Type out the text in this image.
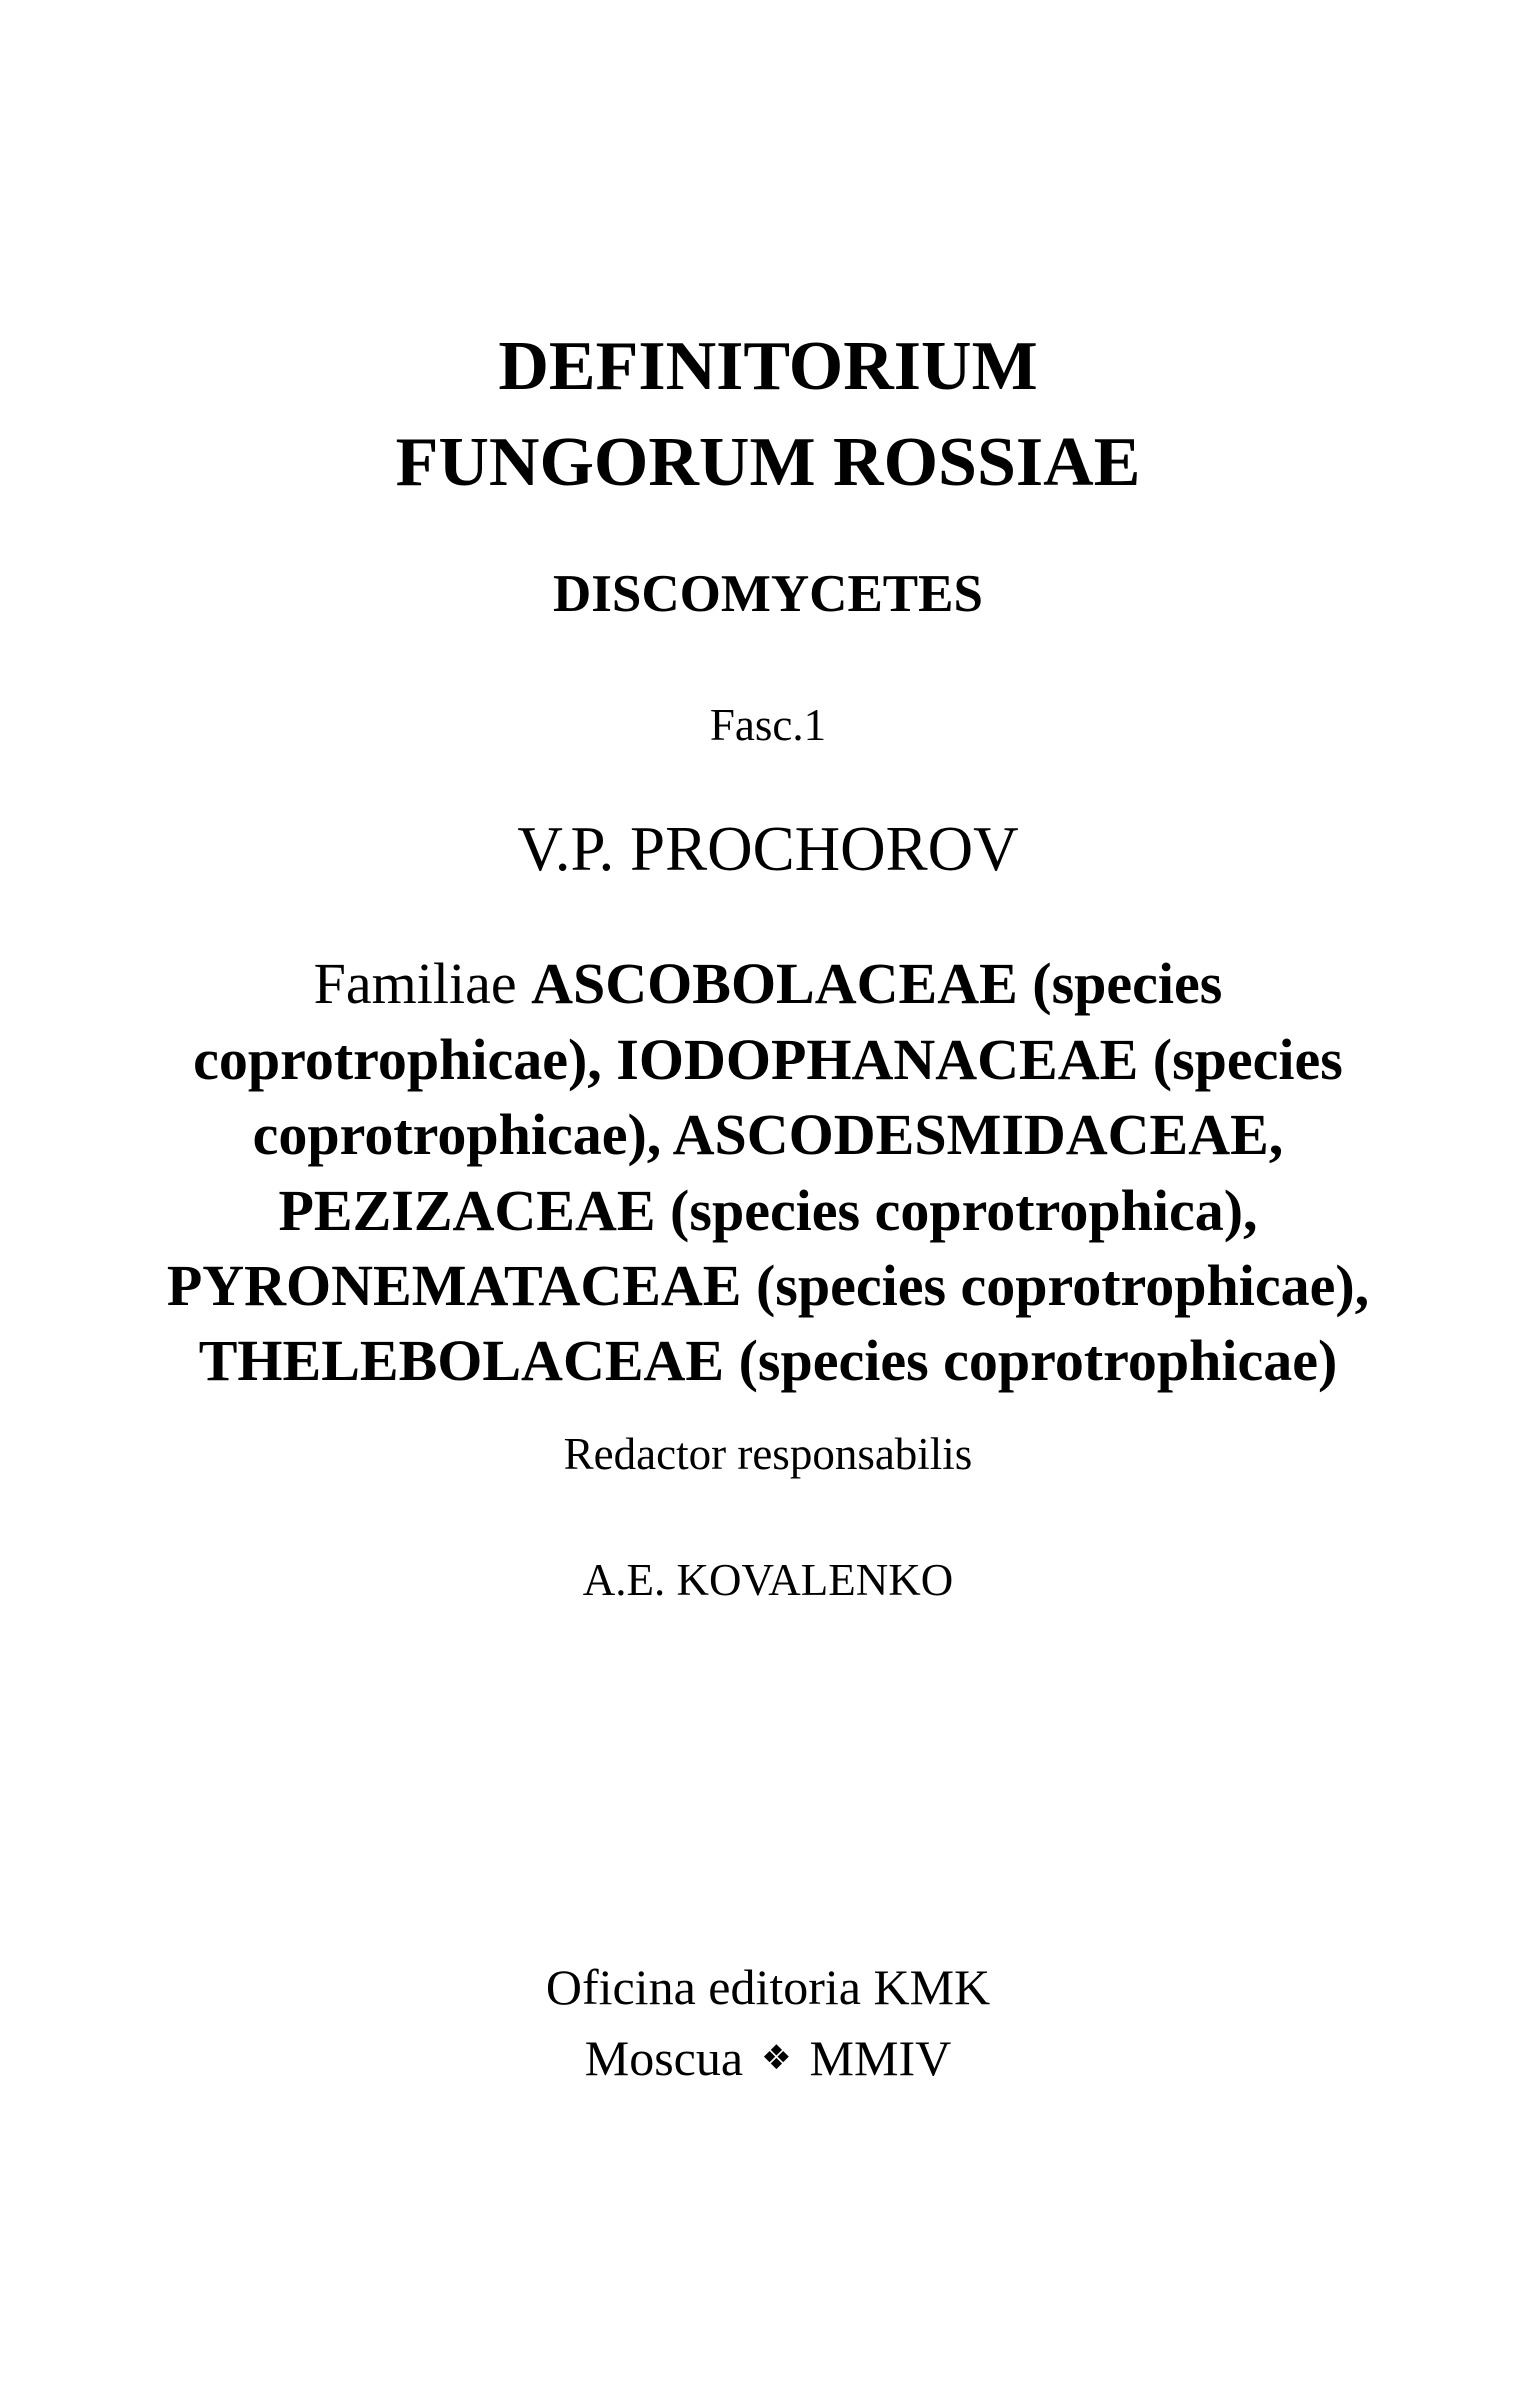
DEFINITORIUM
FUNGORUM ROSSIAE
DISCOMYCETES
Fasc.1
V.P. PROCHOROV
Familiae ASCOBOLACEAE (species
coprotrophicae), IODOPHANACEAE (species
coprotrophicae), ASCODESMIDACEAE,
PEZIZACEAE (species coprotrophica),
PYRONEMATACEAE (species coprotrophicae),
THELEBOLACEAE (species coprotrophicae)
Redactor responsabilis
A.E. KOVALENKO
Oficina editoria KMK
Moscua ❖ MMIV
